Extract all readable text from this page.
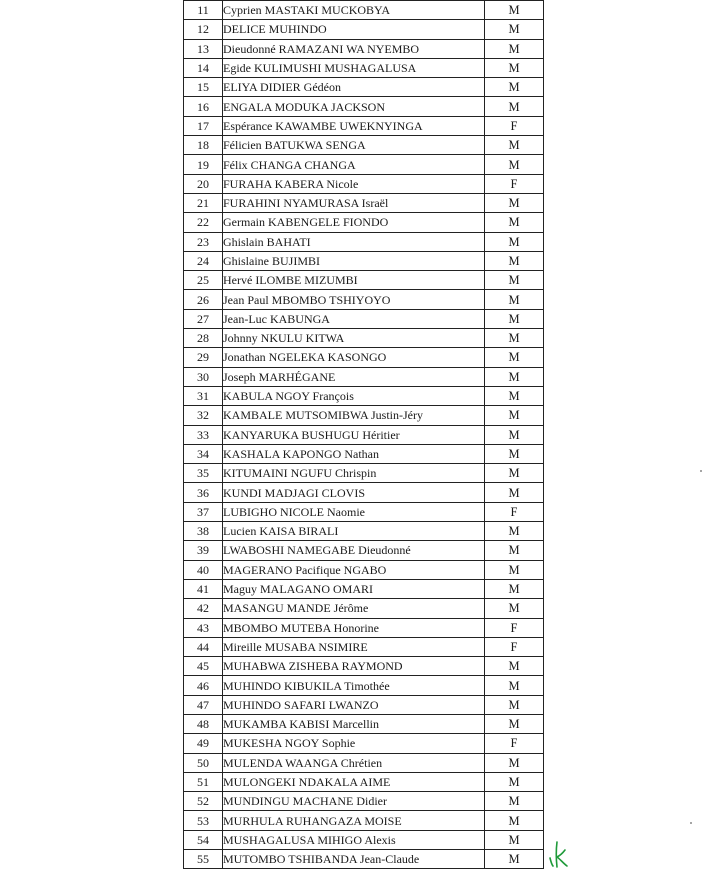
11	Cyprien MASTAKI MUCKOBYA	M
12	DELICE MUHINDO	M
13	Dieudonné RAMAZANI WA NYEMBO	M
14	Egide KULIMUSHI MUSHAGALUSA	M
15	ELIYA DIDIER Gédéon	M
16	ENGALA MODUKA JACKSON	M
17	Espérance KAWAMBE UWEKNYINGA	F
18	Félicien BATUKWA SENGA	M
19	Félix CHANGA CHANGA	M
20	FURAHA KABERA Nicole	F
21	FURAHINI NYAMURASA Israël	M
22	Germain KABENGELE FIONDO	M
23	Ghislain BAHATI	M
24	Ghislaine BUJIMBI	M
25	Hervé ILOMBE MIZUMBI	M
26	Jean Paul MBOMBO TSHIYOYO	M
27	Jean-Luc KABUNGA	M
28	Johnny NKULU KITWA	M
29	Jonathan NGELEKA KASONGO	M
30	Joseph MARHÉGANE	M
31	KABULA NGOY François	M
32	KAMBALE MUTSOMIBWA Justin-Jéry	M
33	KANYARUKA BUSHUGU Héritier	M
34	KASHALA KAPONGO Nathan	M
35	KITUMAINI NGUFU Chrispin	M
36	KUNDI MADJAGI CLOVIS	M
37	LUBIGHO NICOLE Naomie	F
38	Lucien KAISA BIRALI	M
39	LWABOSHI NAMEGABE Dieudonné	M
40	MAGERANO Pacifique NGABO	M
41	Maguy MALAGANO OMARI	M
42	MASANGU MANDE Jérôme	M
43	MBOMBO MUTEBA Honorine	F
44	Mireille MUSABA NSIMIRE	F
45	MUHABWA ZISHEBA RAYMOND	M
46	MUHINDO KIBUKILA Timothée	M
47	MUHINDO SAFARI LWANZO	M
48	MUKAMBA KABISI Marcellin	M
49	MUKESHA NGOY Sophie	F
50	MULENDA WAANGA Chrétien	M
51	MULONGEKI NDAKALA AIME	M
52	MUNDINGU MACHANE Didier	M
53	MURHULA RUHANGAZA MOISE	M
54	MUSHAGALUSA MIHIGO Alexis	M
55	MUTOMBO TSHIBANDA Jean-Claude	M
